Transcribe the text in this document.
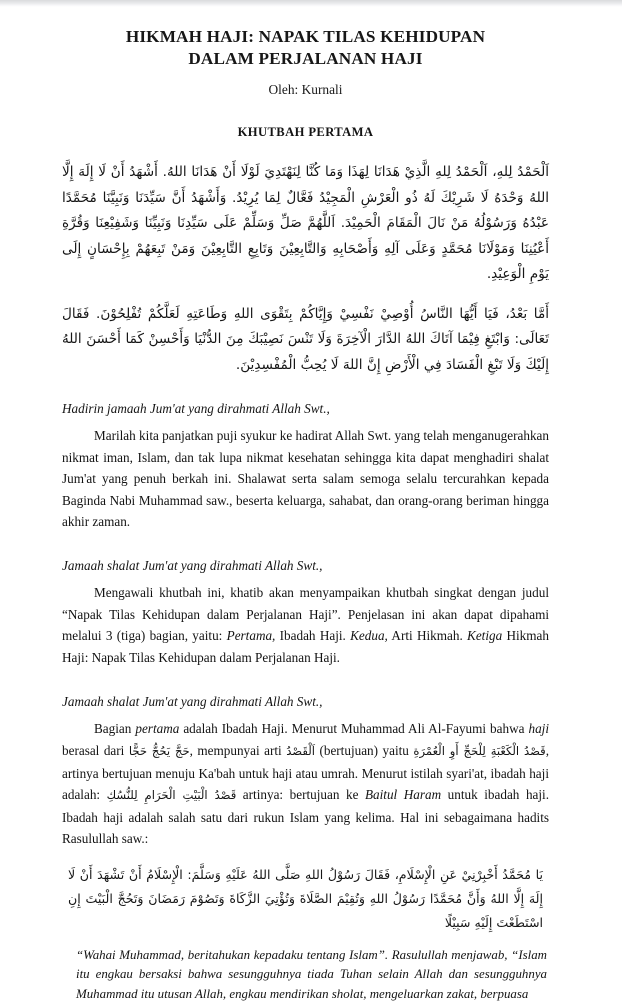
HIKMAH HAJI: NAPAK TILAS KEHIDUPAN
DALAM PERJALANAN HAJI

Oleh: Kurnali

KHUTBAH PERTAMA

اَلْحَمْدُ لِلهِ، اَلْحَمْدُ لِلهِ الَّذِيْ هَدَانَا لِهَذَا وَمَا كُنَّا لِنَهْتَدِيَ لَوْلَا أَنْ هَدَانَا اللهُ. أَشْهَدُ أَنْ لَا إِلَهَ إِلَّا اللهُ وَحْدَهُ لَا شَرِيْكَ لَهُ ذُو الْعَرْشِ الْمَجِيْدُ فَعَّالٌ لِمَا يُرِيْدُ. وَأَشْهَدُ أَنَّ سَيِّدَنَا وَنَبِيَّنَا مُحَمَّدًا عَبْدُهُ وَرَسُوْلُهُ مَنْ نَالَ الْمَقَامَ الْحَمِيْدَ. اَللَّهُمَّ صَلِّ وَسَلِّمْ عَلَى سَيِّدِنَا وَنَبِيِّنَا وَشَفِيْعِنَا وَقُرَّةِ أَعْيُنِنَا وَمَوْلَانَا مُحَمَّدٍ وَعَلَى آلِهِ وَأَصْحَابِهِ وَالتَّابِعِيْنَ وَتَابِعِ التَّابِعِيْنَ وَمَنْ تَبِعَهُمْ بِإِحْسَانٍ إِلَى يَوْمِ الْوَعِيْدِ.

أَمَّا بَعْدُ، فَيَا أَيُّهَا النَّاسُ أُوْصِيْ نَفْسِيْ وَإِيَّاكُمْ بِتَقْوَى اللهِ وَطَاعَتِهِ لَعَلَّكُمْ تُفْلِحُوْنَ. فَقَالَ تَعَالَى: وَابْتَغِ فِيْمَا آتَاكَ اللهُ الدَّارَ الْآخِرَةَ وَلَا تَنْسَ نَصِيْبَكَ مِنَ الدُّنْيَا وَأَحْسِنْ كَمَا أَحْسَنَ اللهُ إِلَيْكَ وَلَا تَبْغِ الْفَسَادَ فِي الْأَرْضِ إِنَّ اللهَ لَا يُحِبُّ الْمُفْسِدِيْنَ.

Hadirin jamaah Jum'at yang dirahmati Allah Swt.,

Marilah kita panjatkan puji syukur ke hadirat Allah Swt. yang telah menganugerahkan nikmat iman, Islam, dan tak lupa nikmat kesehatan sehingga kita dapat menghadiri shalat Jum'at yang penuh berkah ini. Shalawat serta salam semoga selalu tercurahkan kepada Baginda Nabi Muhammad saw., beserta keluarga, sahabat, dan orang-orang beriman hingga akhir zaman.

Jamaah shalat Jum'at yang dirahmati Allah Swt.,

Mengawali khutbah ini, khatib akan menyampaikan khutbah singkat dengan judul “Napak Tilas Kehidupan dalam Perjalanan Haji”. Penjelasan ini akan dapat dipahami melalui 3 (tiga) bagian, yaitu: Pertama, Ibadah Haji. Kedua, Arti Hikmah. Ketiga Hikmah Haji: Napak Tilas Kehidupan dalam Perjalanan Haji.

Jamaah shalat Jum'at yang dirahmati Allah Swt.,

Bagian pertama adalah Ibadah Haji. Menurut Muhammad Ali Al-Fayumi bahwa haji berasal dari حَجَّ يَحُجُّ حَجًّا, mempunyai arti اَلْقَصْدُ (bertujuan) yaitu قَصْدُ الْكَعْبَةِ لِلْحَجِّ أَوِ الْعُمْرَةِ, artinya bertujuan menuju Ka'bah untuk haji atau umrah. Menurut istilah syari'at, ibadah haji adalah: قَصْدُ الْبَيْتِ الْحَرَامِ لِلنُّسُكِ artinya: bertujuan ke Baitul Haram untuk ibadah haji. Ibadah haji adalah salah satu dari rukun Islam yang kelima. Hal ini sebagaimana hadits Rasulullah saw.:

يَا مُحَمَّدُ أَخْبِرْنِيْ عَنِ الْإِسْلَامِ، فَقَالَ رَسُوْلُ اللهِ صَلَّى اللهُ عَلَيْهِ وَسَلَّمَ: الْإِسْلَامُ أَنْ تَشْهَدَ أَنْ لَا إِلَهَ إِلَّا اللهُ وَأَنَّ مُحَمَّدًا رَسُوْلُ اللهِ وَتُقِيْمَ الصَّلَاةَ وَتُؤْتِيَ الزَّكَاةَ وَتَصُوْمَ رَمَضَانَ وَتَحُجَّ الْبَيْتَ إِنِ اسْتَطَعْتَ إِلَيْهِ سَبِيْلًا

“Wahai Muhammad, beritahukan kepadaku tentang Islam”. Rasulullah menjawab, “Islam itu engkau bersaksi bahwa sesungguhnya tiada Tuhan selain Allah dan sesungguhnya Muhammad itu utusan Allah, engkau mendirikan sholat, mengeluarkan zakat, berpuasa
